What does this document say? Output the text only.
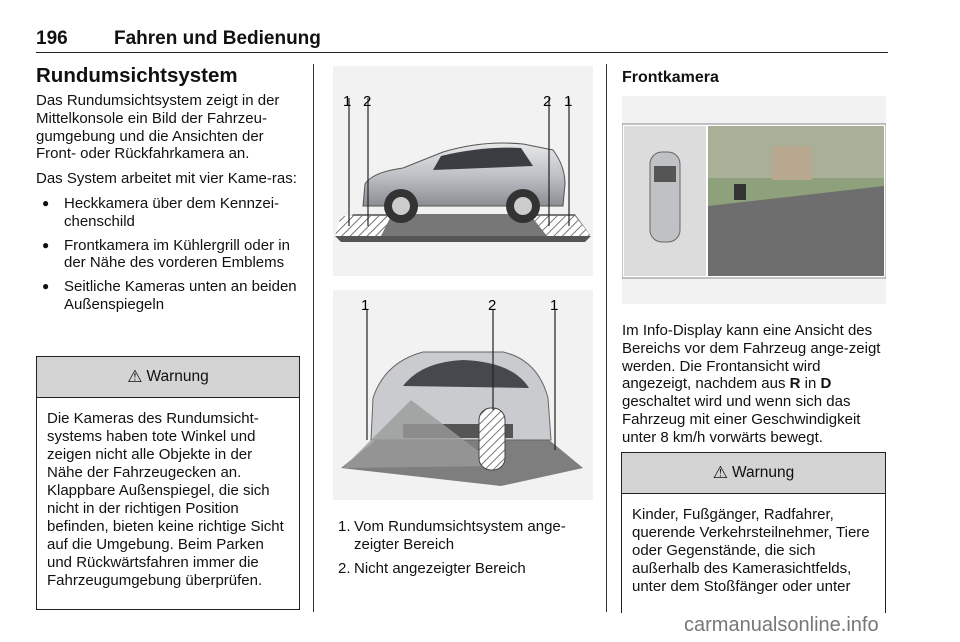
196 Fahren und Bedienung
Rundumsichtsystem

Das Rundumsichtsystem zeigt in der Mittelkonsole ein Bild der Fahrzeu-gumgebung und die Ansichten der Front- oder Rückfahrkamera an.

Das System arbeitet mit vier Kame-ras:

● Heckkamera über dem Kennzei-chenschild
● Frontkamera im Kühlergrill oder in der Nähe des vorderen Emblems
● Seitliche Kameras unten an beiden Außenspiegeln
⚠ Warnung
Die Kameras des Rundumsicht-systems haben tote Winkel und zeigen nicht alle Objekte in der Nähe der Fahrzeugecken an. Klappbare Außenspiegel, die sich nicht in der richtigen Position befinden, bieten keine richtige Sicht auf die Umgebung. Beim Parken und Rückwärtsfahren immer die Fahrzeugumgebung überprüfen.
1 2	2 1
1	2	1
1. Vom Rundumsichtsystem ange-zeigter Bereich
2. Nicht angezeigter Bereich
Frontkamera

Im Info-Display kann eine Ansicht des Bereichs vor dem Fahrzeug ange-zeigt werden. Die Frontansicht wird angezeigt, nachdem aus R in D geschaltet wird und wenn sich das Fahrzeug mit einer Geschwindigkeit unter 8 km/h vorwärts bewegt.

⚠ Warnung
Kinder, Fußgänger, Radfahrer, querende Verkehrsteilnehmer, Tiere oder Gegenstände, die sich außerhalb des Kamerasichtfelds, unter dem Stoßfänger oder unter
carmanualsonline.info
